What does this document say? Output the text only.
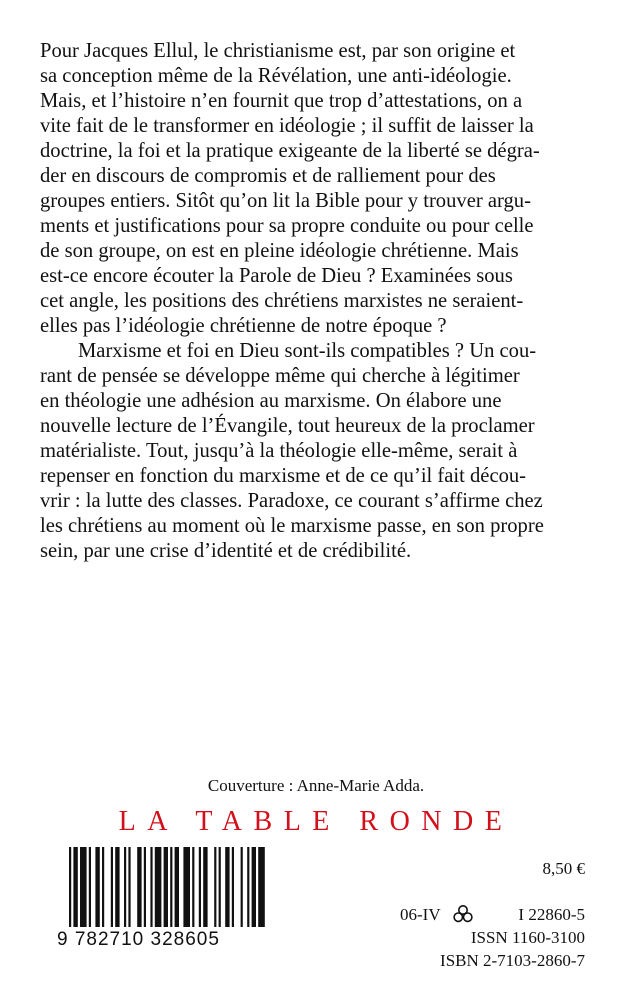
Pour Jacques Ellul, le christianisme est, par son origine et
sa conception même de la Révélation, une anti-idéologie.
Mais, et l’histoire n’en fournit que trop d’attestations, on a
vite fait de le transformer en idéologie ; il suffit de laisser la
doctrine, la foi et la pratique exigeante de la liberté se dégra-
der en discours de compromis et de ralliement pour des
groupes entiers. Sitôt qu’on lit la Bible pour y trouver argu-
ments et justifications pour sa propre conduite ou pour celle
de son groupe, on est en pleine idéologie chrétienne. Mais
est-ce encore écouter la Parole de Dieu ? Examinées sous
cet angle, les positions des chrétiens marxistes ne seraient-
elles pas l’idéologie chrétienne de notre époque ?
Marxisme et foi en Dieu sont-ils compatibles ? Un cou-
rant de pensée se développe même qui cherche à légitimer
en théologie une adhésion au marxisme. On élabore une
nouvelle lecture de l’Évangile, tout heureux de la proclamer
matérialiste. Tout, jusqu’à la théologie elle-même, serait à
repenser en fonction du marxisme et de ce qu’il fait décou-
vrir : la lutte des classes. Paradoxe, ce courant s’affirme chez
les chrétiens au moment où le marxisme passe, en son propre
sein, par une crise d’identité et de crédibilité.
Couverture : Anne-Marie Adda.
LA TABLE RONDE
9 782710 328605
8,50 €
06-IV	I 22860-5
ISSN 1160-3100
ISBN 2-7103-2860-7
